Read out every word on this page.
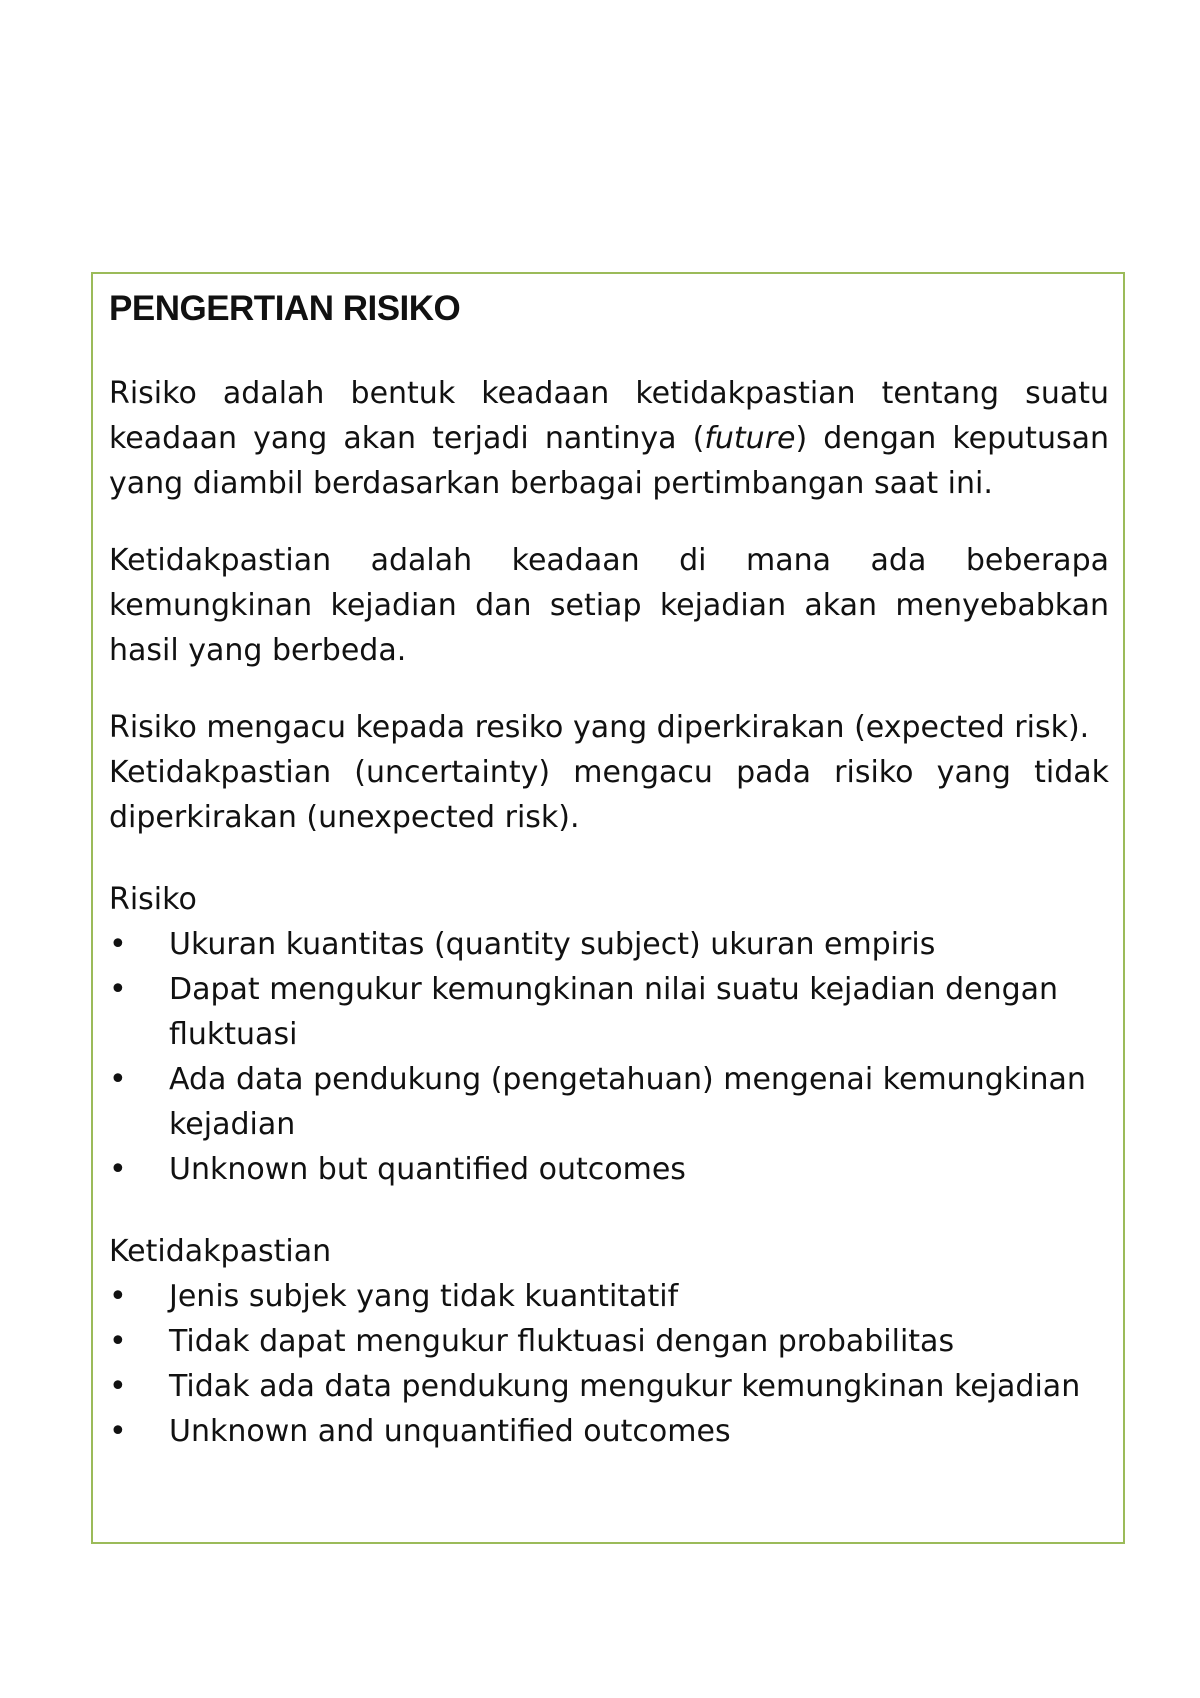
PENGERTIAN RISIKO

Risiko adalah bentuk keadaan ketidakpastian tentang suatu keadaan yang akan terjadi nantinya (future) dengan keputusan yang diambil berdasarkan berbagai pertimbangan saat ini.

Ketidakpastian adalah keadaan di mana ada beberapa kemungkinan kejadian dan setiap kejadian akan menyebabkan hasil yang berbeda.

Risiko mengacu kepada resiko yang diperkirakan (expected risk).

Ketidakpastian (uncertainty) mengacu pada risiko yang tidak diperkirakan (unexpected risk).

Risiko
• Ukuran kuantitas (quantity subject) ukuran empiris
• Dapat mengukur kemungkinan nilai suatu kejadian dengan fluktuasi
• Ada data pendukung (pengetahuan) mengenai kemungkinan kejadian
• Unknown but quantified outcomes
Ketidakpastian
• Jenis subjek yang tidak kuantitatif
• Tidak dapat mengukur fluktuasi dengan probabilitas
• Tidak ada data pendukung mengukur kemungkinan kejadian
• Unknown and unquantified outcomes
